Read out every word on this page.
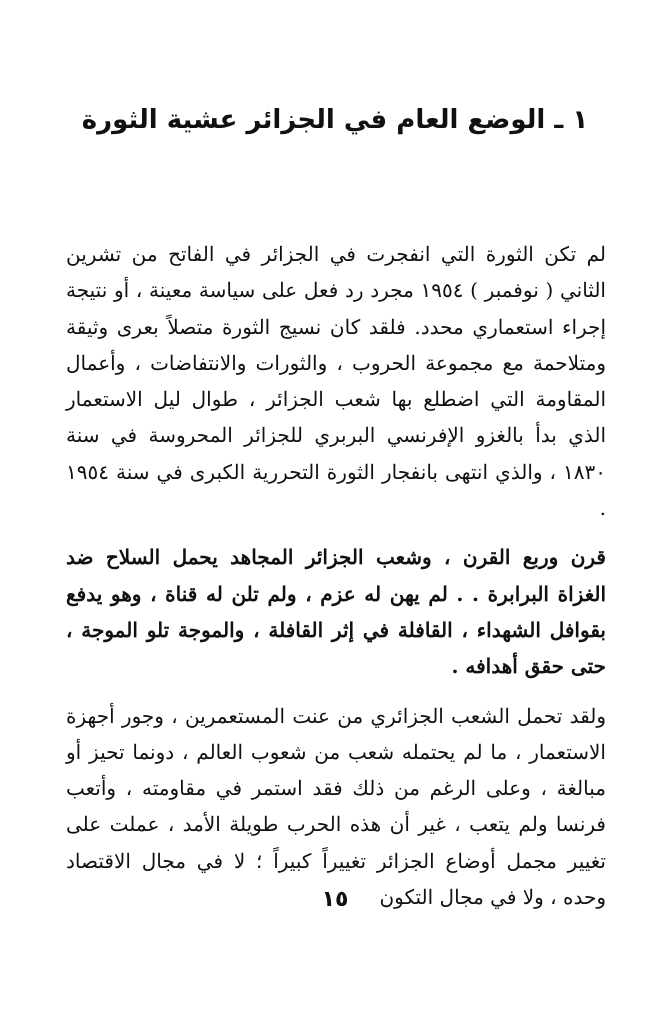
١ ـ الوضع العام في الجزائر عشية الثورة

لم تكن الثورة التي انفجرت في الجزائر في الفاتح من تشرين الثاني ( نوفمبر ) ١٩٥٤ مجرد رد فعل على سياسة معينة ، أو نتيجة إجراء استعماري محدد. فلقد كان نسيج الثورة متصلاً بعرى وثيقة ومتلاحمة مع مجموعة الحروب ، والثورات والانتفاضات ، وأعمال المقاومة التي اضطلع بها شعب الجزائر ، طوال ليل الاستعمار الذي بدأ بالغزو الإفرنسي البربري للجزائر المحروسة في سنة ١٨٣٠ ، والذي انتهى بانفجار الثورة التحررية الكبرى في سنة ١٩٥٤ .

قرن وربع القرن ، وشعب الجزائر المجاهد يحمل السلاح ضد الغزاة البرابرة . . لم يهن له عزم ، ولم تلن له قناة ، وهو يدفع بقوافل الشهداء ، القافلة في إثر القافلة ، والموجة تلو الموجة ، حتى حقق أهدافه .

ولقد تحمل الشعب الجزائري من عنت المستعمرين ، وجور أجهزة الاستعمار ، ما لم يحتمله شعب من شعوب العالم ، دونما تحيز أو مبالغة ، وعلى الرغم من ذلك فقد استمر في مقاومته ، وأتعب فرنسا ولم يتعب ، غير أن هذه الحرب طويلة الأمد ، عملت على تغيير مجمل أوضاع الجزائر تغييراً كبيراً ؛ لا في مجال الاقتصاد وحده ، ولا في مجال التكون

١٥
